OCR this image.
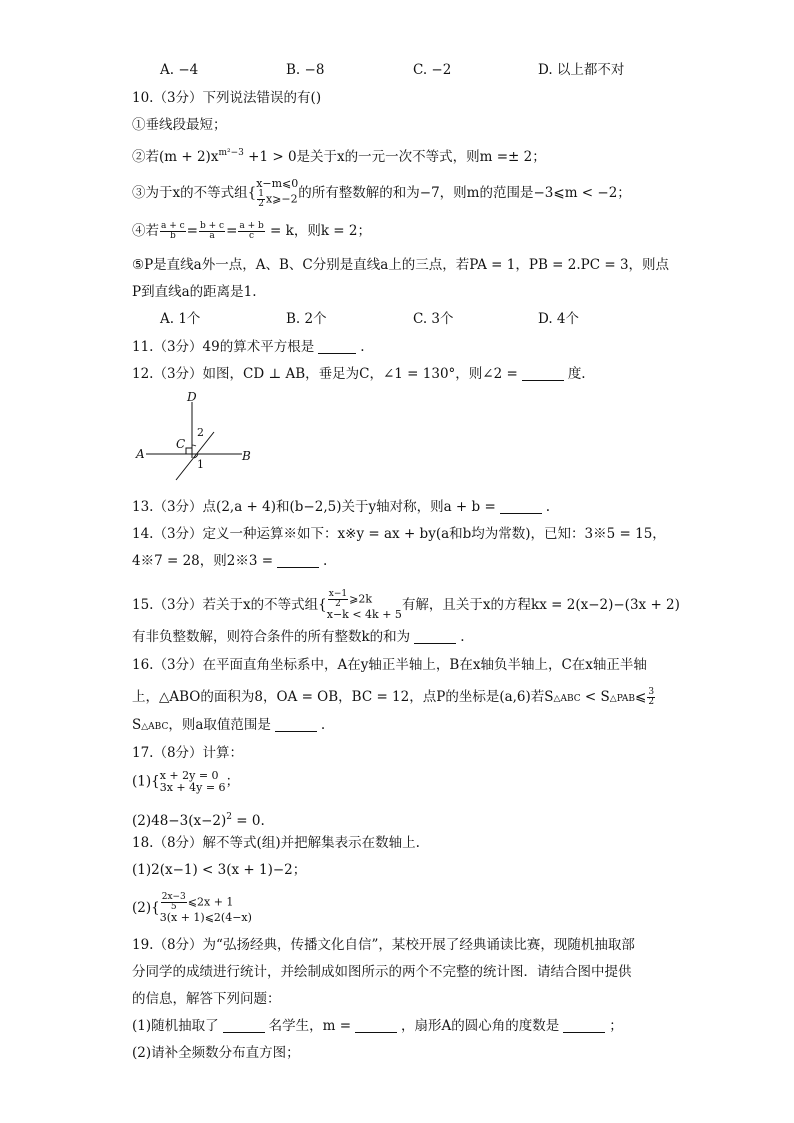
A. −4	B. −8	C. −2	D. 以上都不对
10.（3分）下列说法错误的有()
①垂线段最短；
②若$(m + 2)x^{m^2-3} +1 > 0$是关于x的一元一次不等式，则m =± 2；
③为于x的不等式组{
x−m⩽0
$\frac{1}{2}$ x⩾−2 的所有整数解的和为−7，则m的范围是−3⩽m < −2；
④若 $\frac{a + c}{b} = \frac{b + c}{a} = \frac{a + b}{c} = k$，则k = 2；
⑤P是直线a外一点，A、B、C分别是直线a上的三点，若PA = 1，PB = 2.PC = 3，则点
P到直线a的距离是1.
A. 1个	B. 2个	C. 3个	D. 4个
11.（3分）49的算术平方根是	.
12.（3分）如图，CD ⊥ AB，垂足为C，∠1 = 130°，则∠2 =	度.
D
C
A	B
1
2
13.（3分）点(2,a + 4)和(b−2,5)关于y轴对称，则a + b =	.
14.（3分）定义一种运算※如下：x※y = ax + by(a和b均为常数)，已知：3※5 = 15，
4※7 = 28，则2※3 =	.
15.（3分）若关于x的不等式组{ $\frac{x-1}{2}$ ⩾2k
x−k < 4k + 5
有解，且关于x的方程kx = 2(x−2)−(3x + 2)
有非负整数解，则符合条件的所有整数k的和为	.
16.（3分）在平面直角坐标系中，A在y轴正半轴上，B在x轴负半轴上，C在x轴正半轴
上，△ABO的面积为8，OA = OB，BC = 12，点P的坐标是(a,6)若S△ABC < S△PAB⩽ $\frac{3}{2}$
S△ABC，则a取值范围是	.
17.（8分）计算：
(1){ x + 2y = 0
3x + 4y = 6 ；
$(2)48-3(x-2)^2 = 0$.
18.（8分）解不等式(组)并把解集表示在数轴上.
(1)2(x−1) < 3(x + 1)−2；
$(2)\{ \frac{2x-3}{5}$ ⩽2x + 1
3(x + 1)⩽2(4−x)
19.（8分）为“弘扬经典，传播文化自信”，某校开展了经典诵读比赛，现随机抽取部
分同学的成绩进行统计，并绘制成如图所示的两个不完整的统计图．请结合图中提供
的信息，解答下列问题：
(1)随机抽取了	名学生，m =	，扇形A的圆心角的度数是	；
(2)请补全频数分布直方图；
